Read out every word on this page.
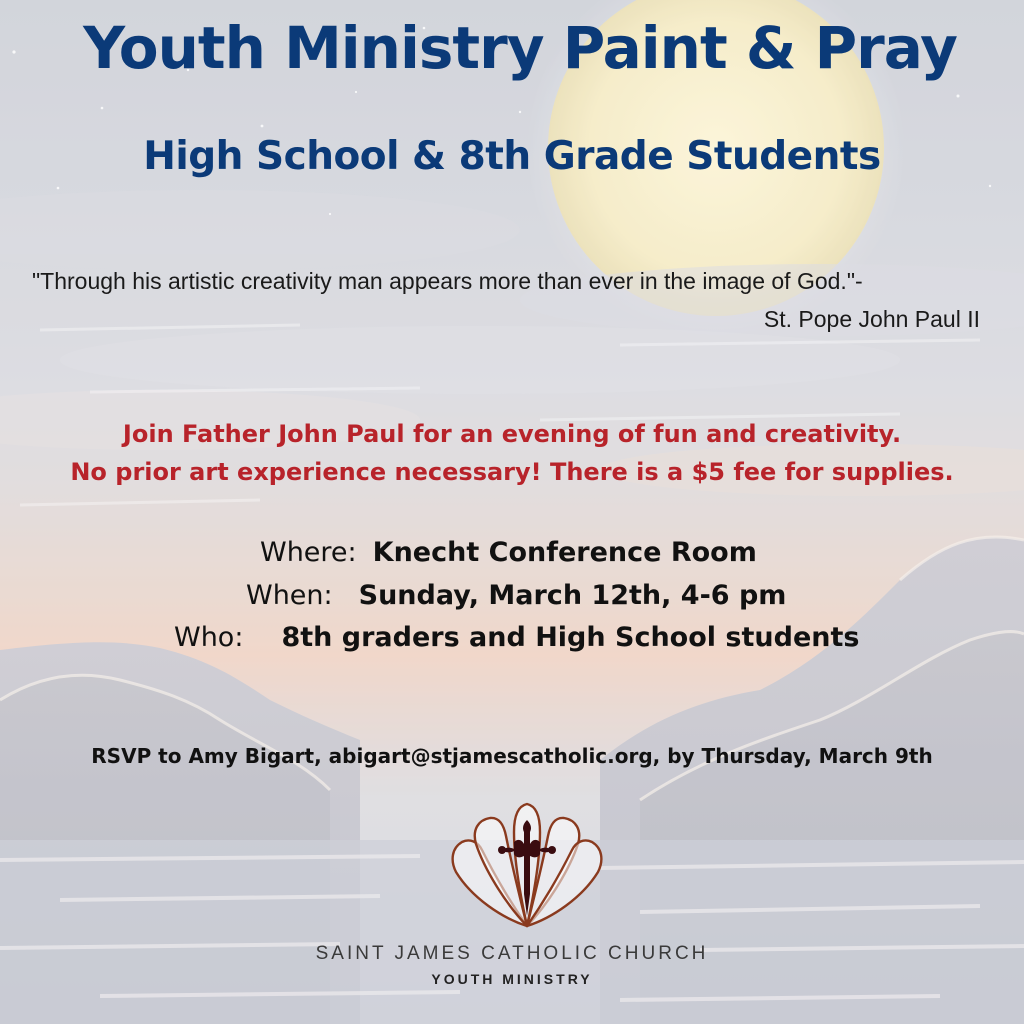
Youth Ministry Paint & Pray
High School & 8th Grade Students
"Through his artistic creativity man appears more than ever in the image of God."-
St. Pope John Paul II
Join Father John Paul for an evening of fun and creativity.
No prior art experience necessary! There is a $5 fee for supplies.
Where: Knecht Conference Room
When: Sunday, March 12th, 4-6 pm
Who: 8th graders and High School students
RSVP to Amy Bigart, abigart@stjamescatholic.org, by Thursday, March 9th
SAINT JAMES CATHOLIC CHURCH
YOUTH MINISTRY
